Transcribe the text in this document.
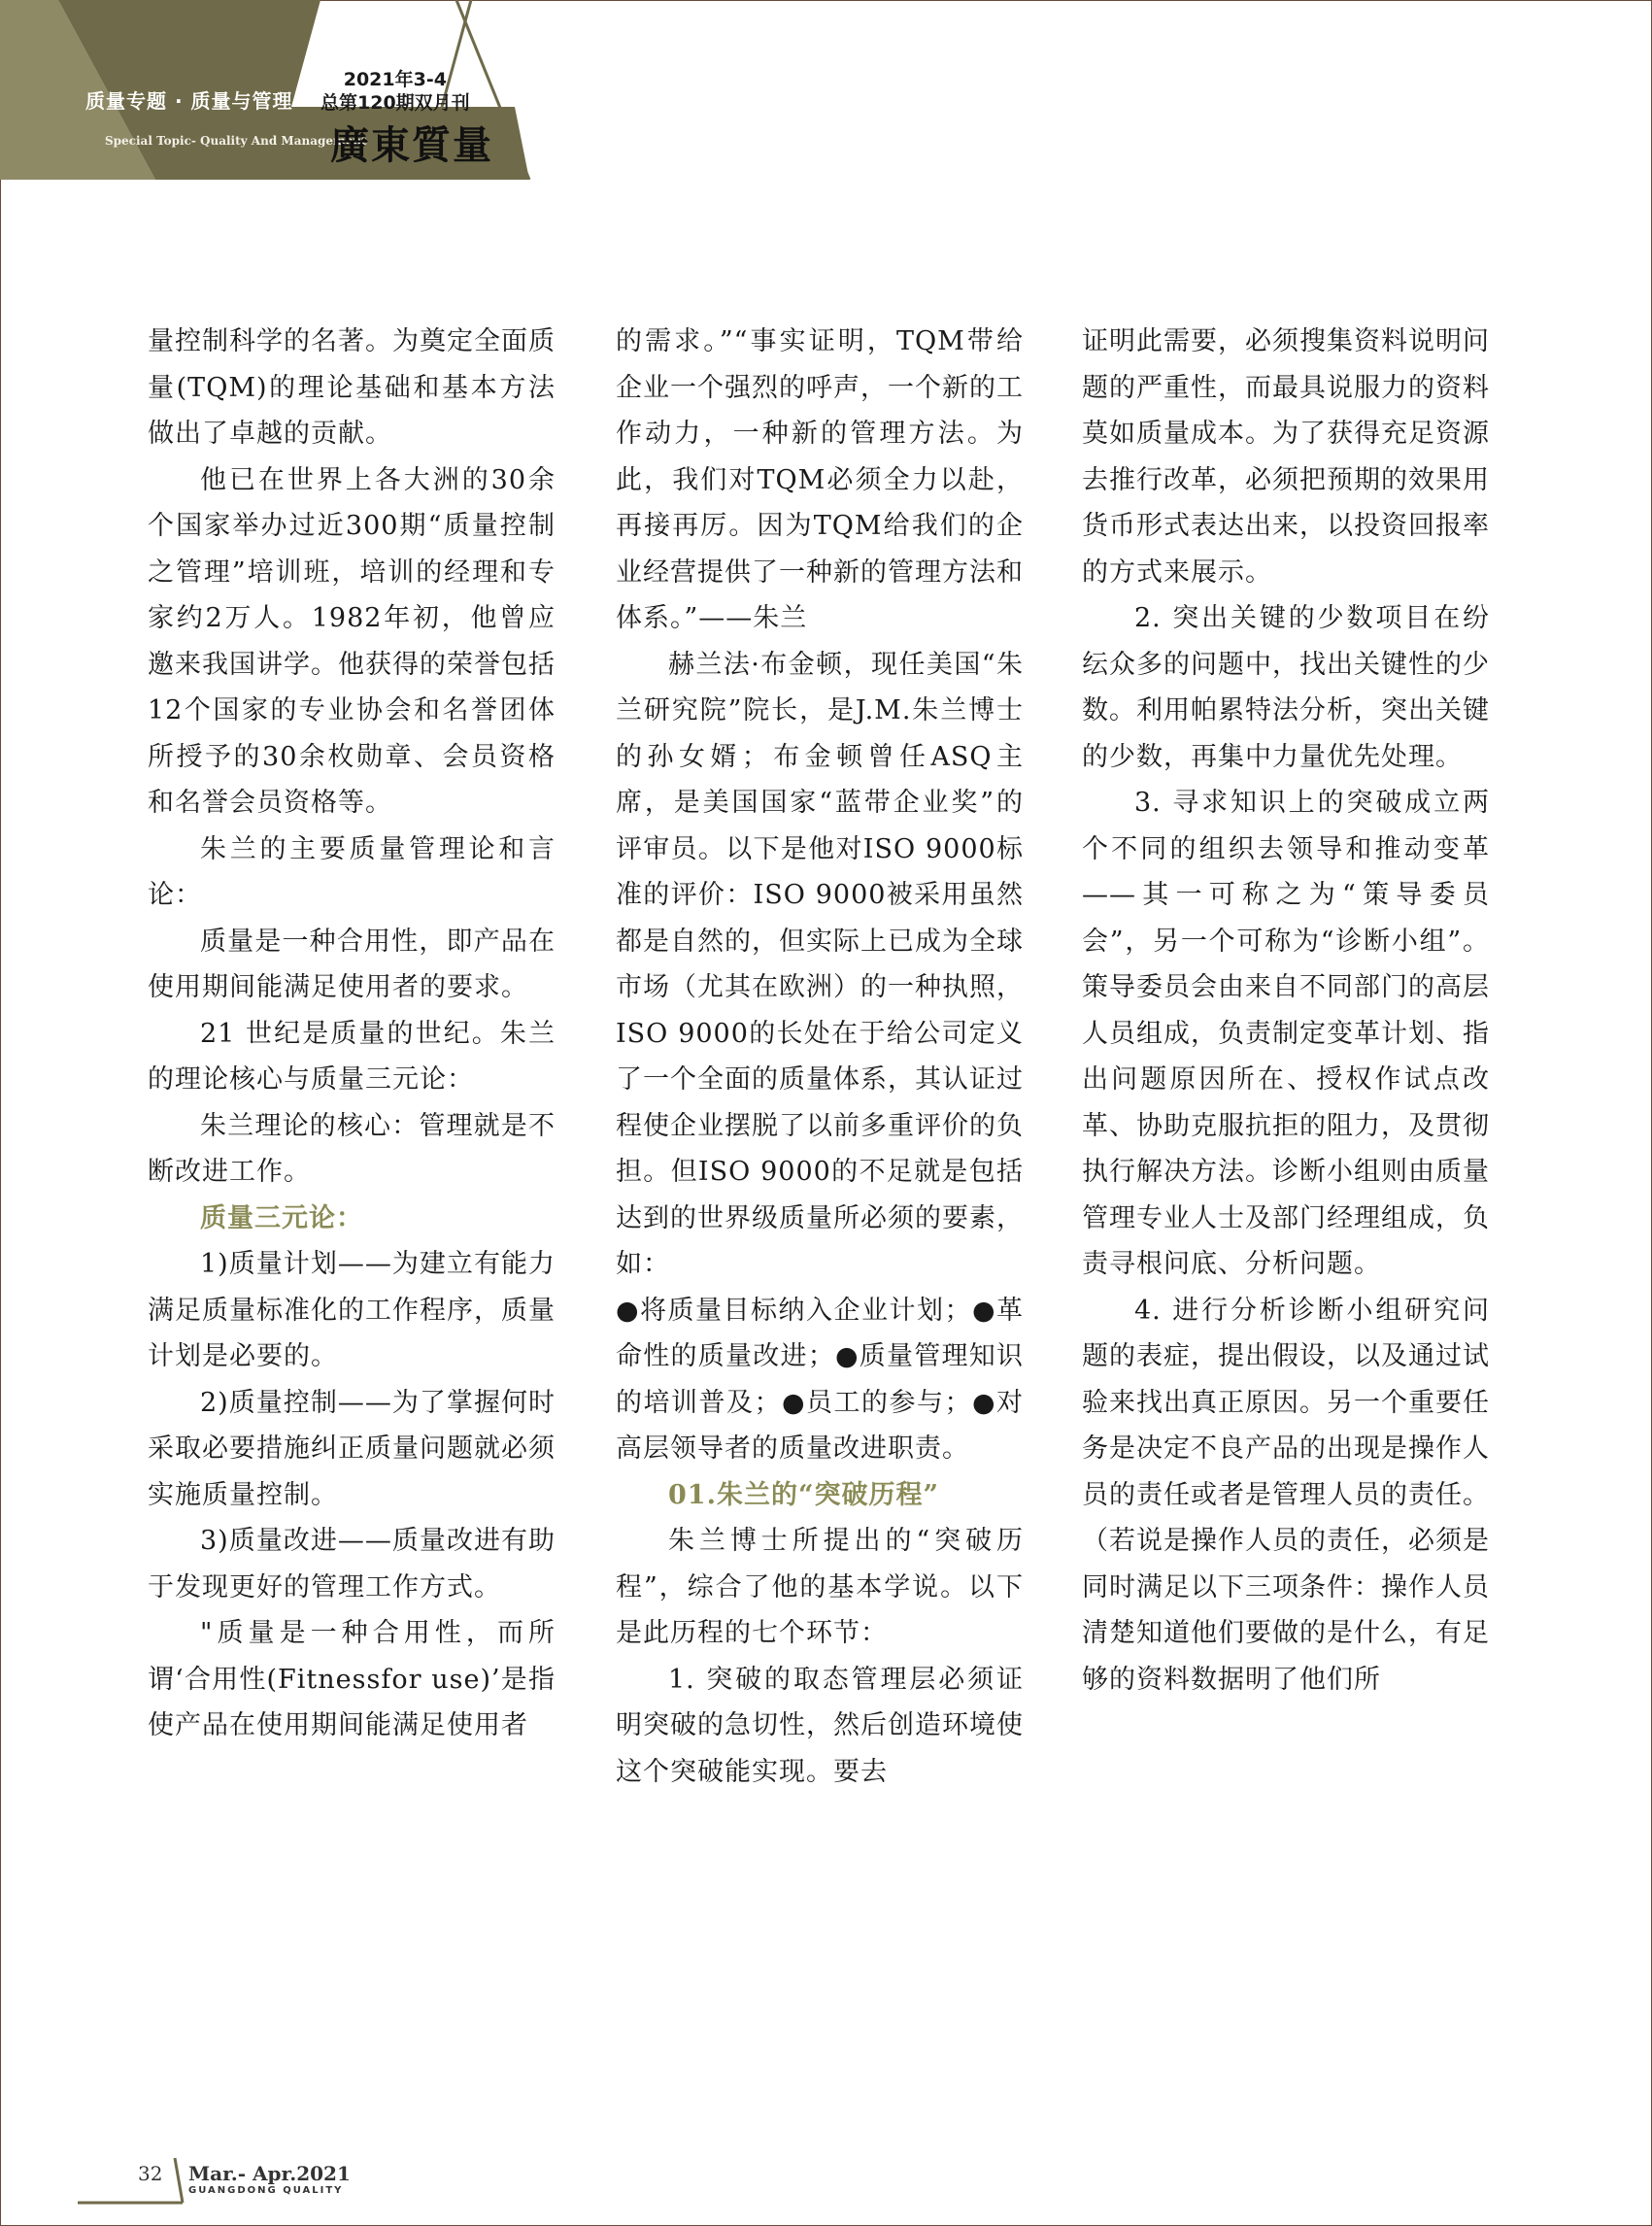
质量专题 · 质量与管理
Special Topic- Quality And Management
2021年3-4
总第120期双月刊
廣東質量

量控制科学的名著。为奠定全面质量(TQM)的理论基础和基本方法做出了卓越的贡献。

他已在世界上各大洲的30余个国家举办过近300期“质量控制之管理”培训班，培训的经理和专家约2万人。1982年初，他曾应邀来我国讲学。他获得的荣誉包括12个国家的专业协会和名誉团体所授予的30余枚勋章、会员资格和名誉会员资格等。

朱兰的主要质量管理论和言论：

质量是一种合用性，即产品在使用期间能满足使用者的要求。

21 世纪是质量的世纪。朱兰的理论核心与质量三元论：

朱兰理论的核心：管理就是不断改进工作。

质量三元论：

1)质量计划——为建立有能力满足质量标准化的工作程序，质量计划是必要的。

2)质量控制——为了掌握何时采取必要措施纠正质量问题就必须实施质量控制。

3)质量改进——质量改进有助于发现更好的管理工作方式。

"质量是一种合用性，而所谓‘合用性(Fitnessfor use)’是指使产品在使用期间能满足使用者

的需求。”“事实证明，TQM带给企业一个强烈的呼声，一个新的工作动力，一种新的管理方法。为此，我们对TQM必须全力以赴，再接再厉。因为TQM给我们的企业经营提供了一种新的管理方法和体系。”——朱兰

赫兰法·布金顿，现任美国“朱兰研究院”院长，是J.M.朱兰博士的孙女婿；布金顿曾任ASQ主席，是美国国家“蓝带企业奖”的评审员。以下是他对ISO 9000标准的评价：ISO 9000被采用虽然都是自然的，但实际上已成为全球市场（尤其在欧洲）的一种执照，ISO 9000的长处在于给公司定义了一个全面的质量体系，其认证过程使企业摆脱了以前多重评价的负担。但ISO 9000的不足就是包括达到的世界级质量所必须的要素，如：

●将质量目标纳入企业计划；●革命性的质量改进；●质量管理知识的培训普及；●员工的参与；●对高层领导者的质量改进职责。

01.朱兰的“突破历程”

朱兰博士所提出的“突破历程”，综合了他的基本学说。以下是此历程的七个环节：

1. 突破的取态管理层必须证明突破的急切性，然后创造环境使这个突破能实现。要去

证明此需要，必须搜集资料说明问题的严重性，而最具说服力的资料莫如质量成本。为了获得充足资源去推行改革，必须把预期的效果用货币形式表达出来，以投资回报率的方式来展示。

2. 突出关键的少数项目在纷纭众多的问题中，找出关键性的少数。利用帕累特法分析，突出关键的少数，再集中力量优先处理。

3. 寻求知识上的突破成立两个不同的组织去领导和推动变革——其一可称之为“策导委员会”，另一个可称为“诊断小组”。策导委员会由来自不同部门的高层人员组成，负责制定变革计划、指出问题原因所在、授权作试点改革、协助克服抗拒的阻力，及贯彻执行解决方法。诊断小组则由质量管理专业人士及部门经理组成，负责寻根问底、分析问题。

4. 进行分析诊断小组研究问题的表症，提出假设，以及通过试验来找出真正原因。另一个重要任务是决定不良产品的出现是操作人员的责任或者是管理人员的责任。（若说是操作人员的责任，必须是同时满足以下三项条件：操作人员清楚知道他们要做的是什么，有足够的资料数据明了他们所

32 Mar.- Apr.2021
GUANGDONG QUALITY
